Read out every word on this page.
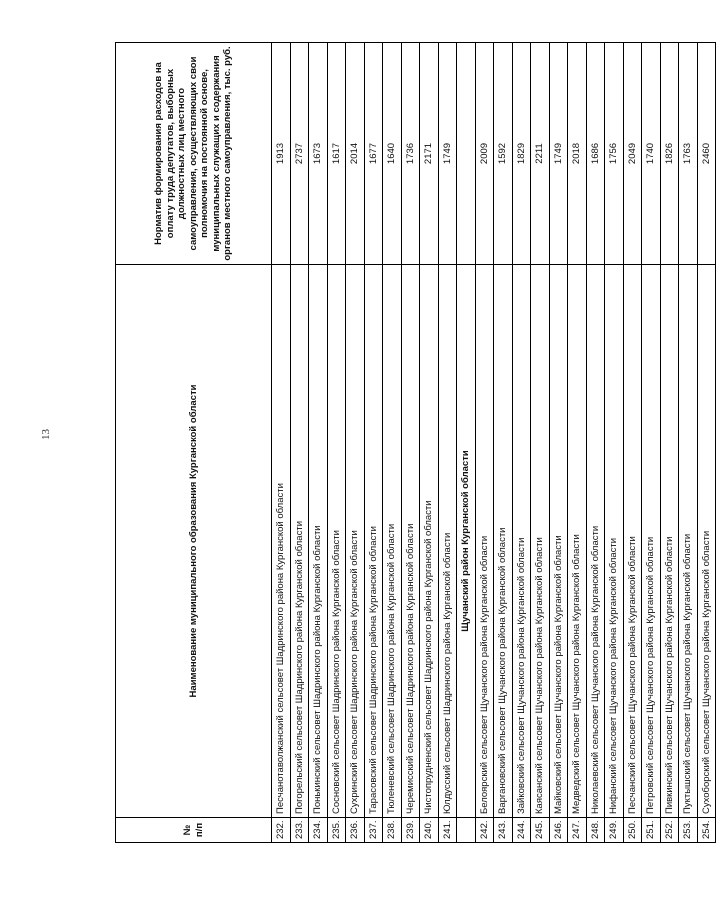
13
№ п/п	Наименование муниципального образования Курганской области	Норматив формирования расходов на оплату труда депутатов, выборных должностных лиц местного самоуправления, осуществляющих свои полномочия на постоянной основе, муниципальных служащих и содержания органов местного самоуправления, тыс. руб.
232.	Песчанотаволжанский сельсовет Шадринского района Курганской области	1913
233.	Погорельский сельсовет Шадринского района Курганской области	2737
234.	Понькинский сельсовет Шадринского района Курганской области	1673
235.	Сосновский сельсовет Шадринского района Курганской области	1617
236.	Сухринский сельсовет Шадринского района Курганской области	2014
237.	Тарасовский сельсовет Шадринского района Курганской области	1677
238.	Тюленевский сельсовет Шадринского района Курганской области	1640
239.	Черемисский сельсовет Шадринского района Курганской области	1736
240.	Чистопрудненский сельсовет Шадринского района Курганской области	2171
241.	Юлдусский сельсовет Шадринского района Курганской области	1749
	Щучанский район Курганской области	
242.	Белоярский сельсовет Щучанского района Курганской области	2009
243.	Варгановский сельсовет Щучанского района Курганской области	1592
244.	Зайковский сельсовет Щучанского района Курганской области	1829
245.	Каясанский сельсовет Щучанского района Курганской области	2211
246.	Майковский сельсовет Щучанского района Курганской области	1749
247.	Медведский сельсовет Щучанского района Курганской области	2018
248.	Николаевский сельсовет Щучанского района Курганской области	1686
249.	Нифанский сельсовет Щучанского района Курганской области	1756
250.	Песчанский сельсовет Щучанского района Курганской области	2049
251.	Петровский сельсовет Щучанского района Курганской области	1740
252.	Пивкинский сельсовет Щучанского района Курганской области	1826
253.	Пуктышский сельсовет Щучанского района Курганской области	1763
254.	Сухоборский сельсовет Щучанского района Курганской области	2460
